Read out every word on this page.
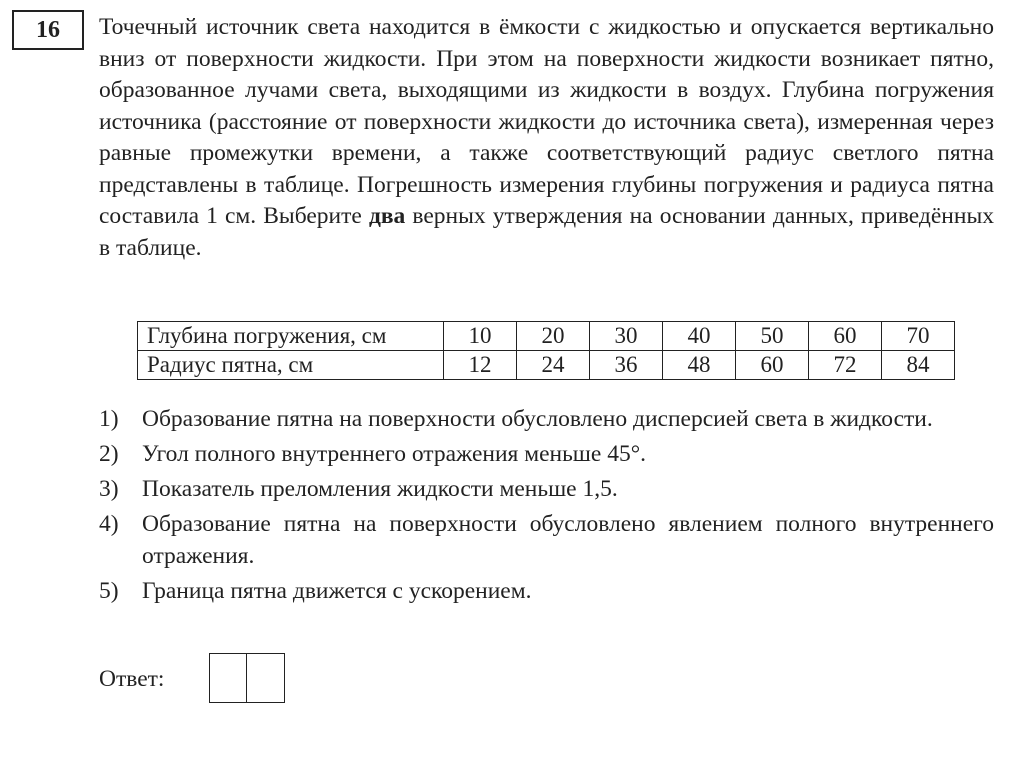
16	Точечный источник света находится в ёмкости с жидкостью и опускается вертикально вниз от поверхности жидкости. При этом на поверхности жидкости возникает пятно, образованное лучами света, выходящими из жидкости в воздух. Глубина погружения источника (расстояние от поверхности жидкости до источника света), измеренная через равные промежутки времени, а также соответствующий радиус светлого пятна представлены в таблице. Погрешность измерения глубины погружения и радиуса пятна составила 1 см. Выберите два верных утверждения на основании данных, приведённых в таблице.

Глубина погружения, см	10	20	30	40	50	60	70
Радиус пятна, см	12	24	36	48	60	72	84
1) Образование пятна на поверхности обусловлено дисперсией света в жидкости.
2) Угол полного внутреннего отражения меньше 45°.
3) Показатель преломления жидкости меньше 1,5.
4) Образование пятна на поверхности обусловлено явлением полного внутреннего отражения.
5) Граница пятна движется с ускорением.
Ответ:
